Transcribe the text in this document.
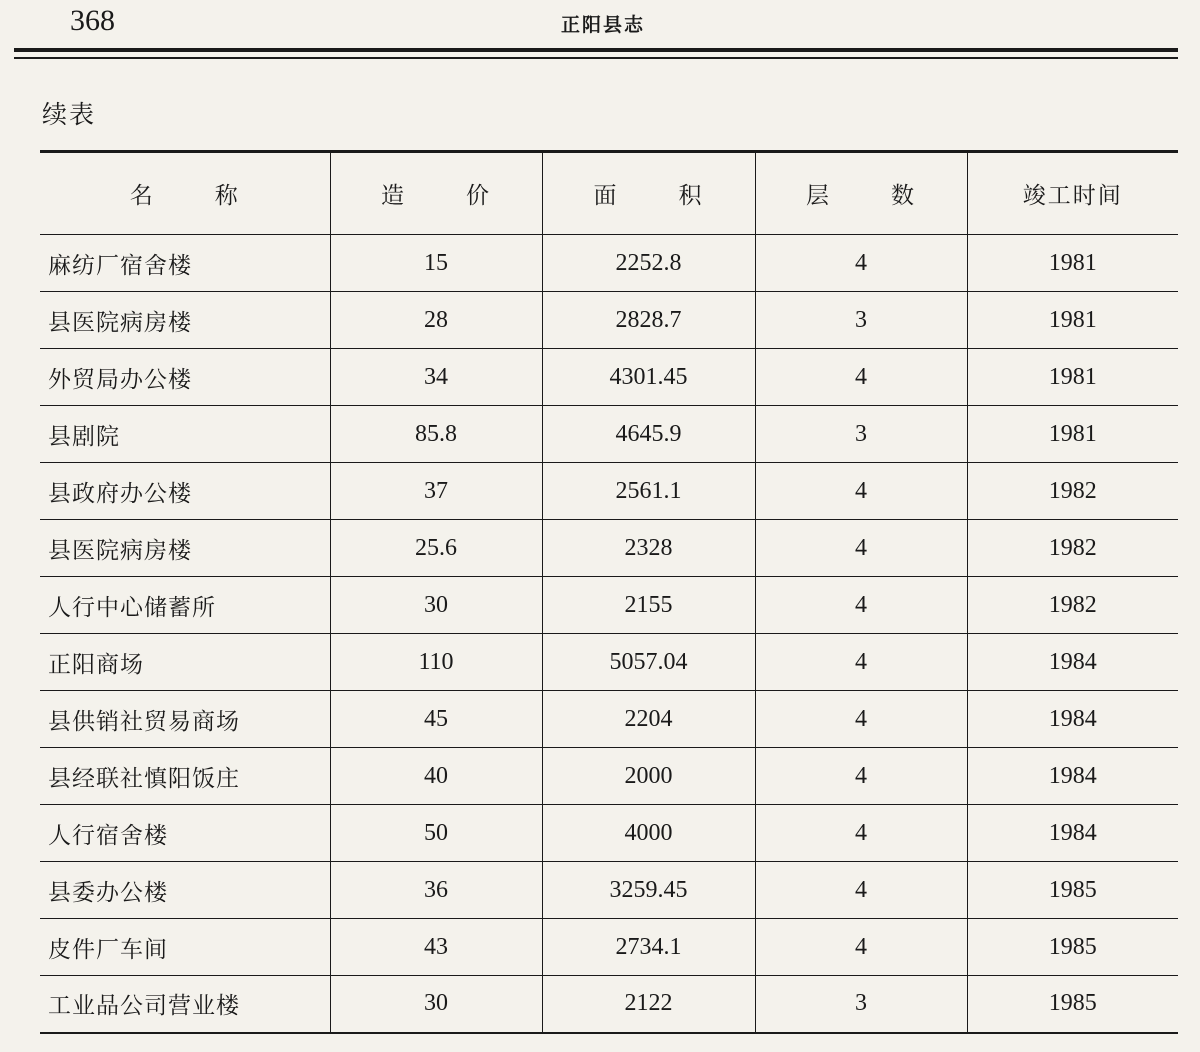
368	正阳县志
续表
名 称	造 价	面 积	层 数	竣工时间
麻纺厂宿舍楼	15	2252.8	4	1981
县医院病房楼	28	2828.7	3	1981
外贸局办公楼	34	4301.45	4	1981
县剧院	85.8	4645.9	3	1981
县政府办公楼	37	2561.1	4	1982
县医院病房楼	25.6	2328	4	1982
人行中心储蓄所	30	2155	4	1982
正阳商场	110	5057.04	4	1984
县供销社贸易商场	45	2204	4	1984
县经联社慎阳饭庄	40	2000	4	1984
人行宿舍楼	50	4000	4	1984
县委办公楼	36	3259.45	4	1985
皮件厂车间	43	2734.1	4	1985
工业品公司营业楼	30	2122	3	1985
